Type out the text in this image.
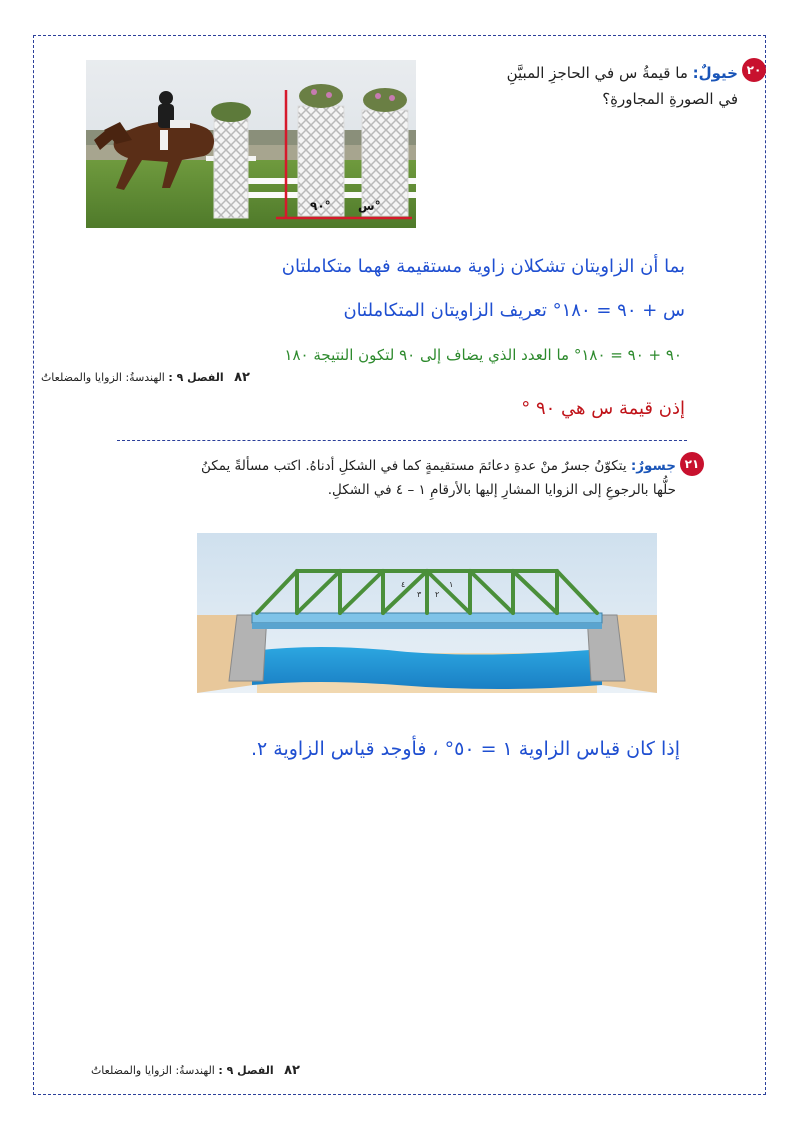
٢٠
خيولٌ: ما قيمةُ س في الحاجزِ المبيَّنِ
في الصورةِ المجاورةِ؟
س°
٩٠°
بما أن الزاويتان تشكلان زاوية مستقيمة فهما متكاملتان
س + ٩٠ = ١٨٠° تعريف الزاويتان المتكاملتان
٩٠ + ٩٠ = ١٨٠° ما العدد الذي يضاف إلى ٩٠ لتكون النتيجة ١٨٠
إذن قيمة س هي ٩٠ °
٨٢   الفصل ٩ : الهندسةُ: الزوايا والمضلعاتُ
٢١
جسورٌ: يتكوّنُ جسرٌ منْ عدةِ دعائمَ مستقيمةٍ كما في الشكلِ أدناهُ. اكتب مسألةً يمكنُ
حلُّها بالرجوعِ إلى الزوايا المشارِ إليها بالأرقامِ ١ – ٤ في الشكلِ.
١
٢
٣
٤
إذا كان قياس الزاوية ١ = ٥٠° ، فأوجد قياس الزاوية ٢.
٨٢   الفصل ٩ : الهندسةُ: الزوايا والمضلعاتُ
